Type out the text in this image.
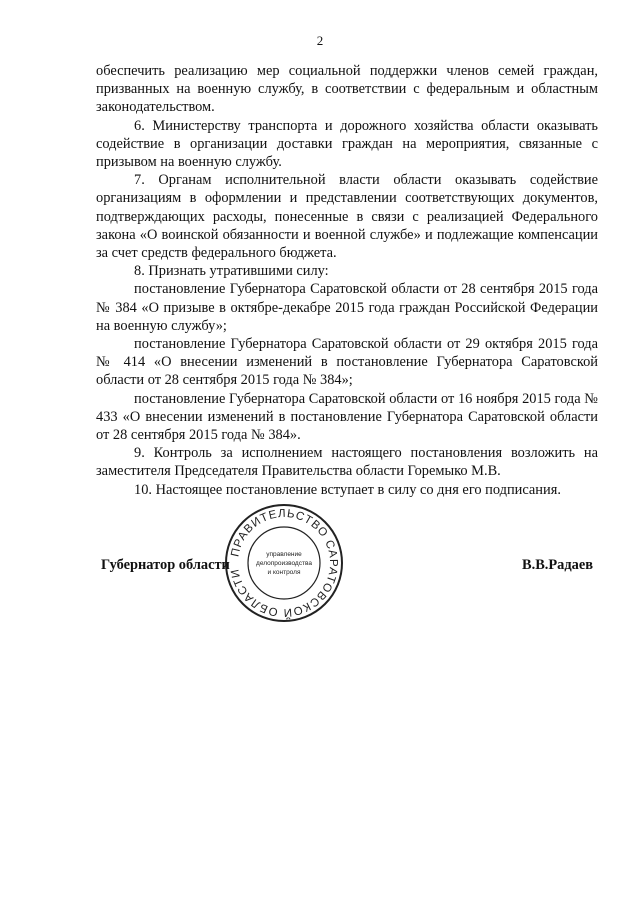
2

обеспечить реализацию мер социальной поддержки членов семей граждан, призванных на военную службу, в соответствии с федеральным и областным законодательством.

6. Министерству транспорта и дорожного хозяйства области оказывать содействие в организации доставки граждан на мероприятия, связанные с призывом на военную службу.

7. Органам исполнительной власти области оказывать содействие организациям в оформлении и представлении соответствующих документов, подтверждающих расходы, понесенные в связи с реализацией Федерального закона «О воинской обязанности и военной службе» и подлежащие компенсации за счет средств федерального бюджета.

8. Признать утратившими силу:

постановление Губернатора Саратовской области от 28 сентября 2015 года № 384 «О призыве в октябре-декабре 2015 года граждан Российской Федерации на военную службу»;

постановление Губернатора Саратовской области от 29 октября 2015 года № 414 «О внесении изменений в постановление Губернатора Саратовской области от 28 сентября 2015 года № 384»;

постановление Губернатора Саратовской области от 16 ноября 2015 года № 433 «О внесении изменений в постановление Губернатора Саратовской области от 28 сентября 2015 года № 384».

9. Контроль за исполнением настоящего постановления возложить на заместителя Председателя Правительства области Горемыко М.В.

10. Настоящее постановление вступает в силу со дня его подписания.

ПРАВИТЕЛЬСТВО САРАТОВСКОЙ ОБЛАСТИ
управление
делопроизводства
и контроля
Губернатор области	В.В.Радаев
